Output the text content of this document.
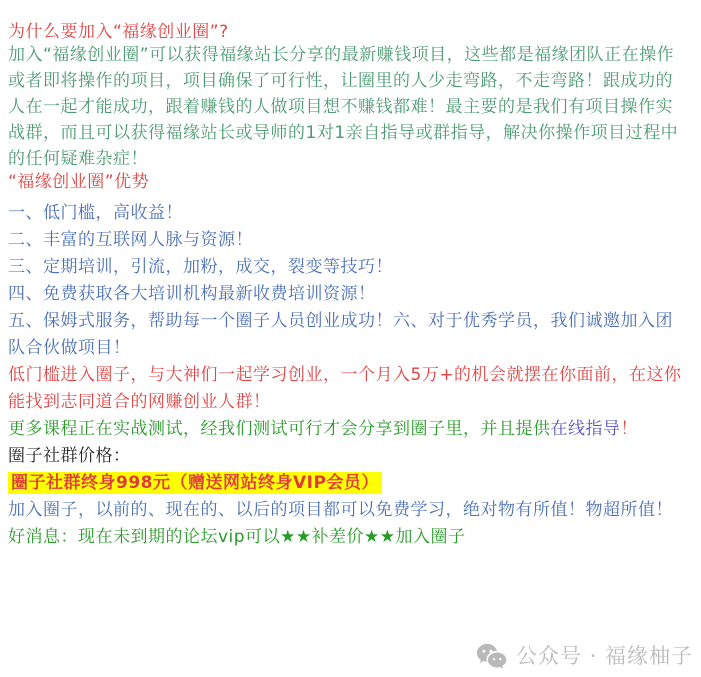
为什么要加入“福缘创业圈”?

加入“福缘创业圈”可以获得福缘站长分享的最新赚钱项目，这些都是福缘团队正在操作或者即将操作的项目，项目确保了可行性，让圈里的人少走弯路，不走弯路！跟成功的人在一起才能成功，跟着赚钱的人做项目想不赚钱都难！最主要的是我们有项目操作实战群，而且可以获得福缘站长或导师的1对1亲自指导或群指导，解决你操作项目过程中的任何疑难杂症！

“福缘创业圈”优势

一、低门槛，高收益！

二、丰富的互联网人脉与资源！

三、定期培训，引流，加粉，成交，裂变等技巧！

四、免费获取各大培训机构最新收费培训资源！

五、保姆式服务，帮助每一个圈子人员创业成功！六、对于优秀学员，我们诚邀加入团队合伙做项目！

低门槛进入圈子，与大神们一起学习创业，一个月入5万+的机会就摆在你面前，在这你能找到志同道合的网赚创业人群！

更多课程正在实战测试，经我们测试可行才会分享到圈子里，并且提供在线指导！

圈子社群价格：

圈子社群终身998元（赠送网站终身VIP会员）

加入圈子，以前的、现在的、以后的项目都可以免费学习，绝对物有所值！物超所值！

好消息：现在未到期的论坛vip可以★★补差价★★加入圈子

公众号 · 福缘柚子
